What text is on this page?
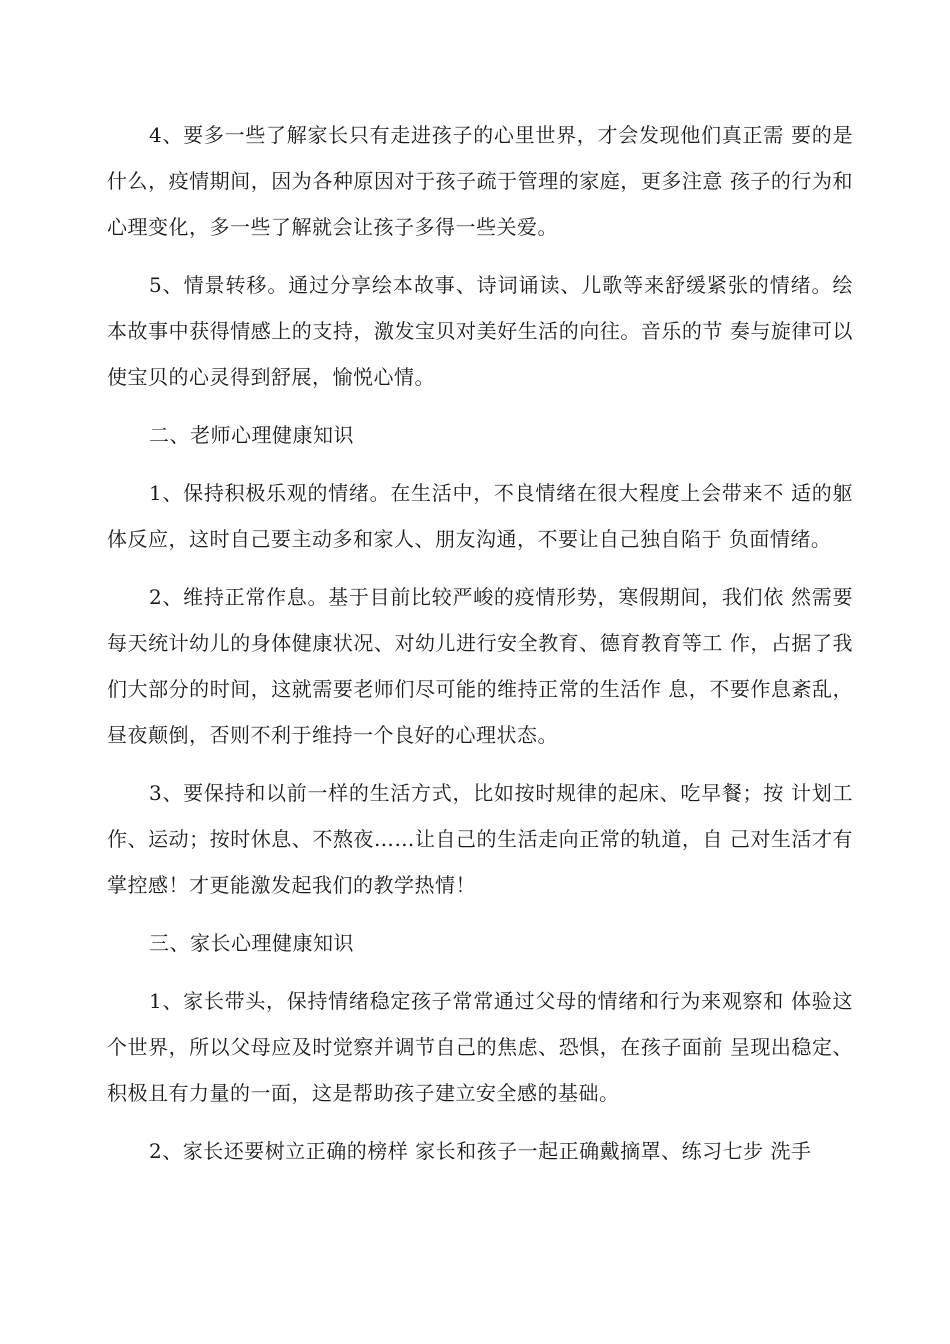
4、要多一些了解家长只有走进孩子的心里世界，才会发现他们真正需 要的是什么，疫情期间，因为各种原因对于孩子疏于管理的家庭，更多注意 孩子的行为和心理变化，多一些了解就会让孩子多得一些关爱。

5、情景转移。通过分享绘本故事、诗词诵读、儿歌等来舒缓紧张的情绪。绘本故事中获得情感上的支持，激发宝贝对美好生活的向往。音乐的节 奏与旋律可以使宝贝的心灵得到舒展，愉悦心情。

二、老师心理健康知识

1、保持积极乐观的情绪。在生活中，不良情绪在很大程度上会带来不 适的躯体反应，这时自己要主动多和家人、朋友沟通，不要让自己独自陷于 负面情绪。

2、维持正常作息。基于目前比较严峻的疫情形势，寒假期间，我们依 然需要每天统计幼儿的身体健康状况、对幼儿进行安全教育、德育教育等工 作，占据了我们大部分的时间，这就需要老师们尽可能的维持正常的生活作 息，不要作息紊乱，昼夜颠倒，否则不利于维持一个良好的心理状态。

3、要保持和以前一样的生活方式，比如按时规律的起床、吃早餐；按 计划工作、运动；按时休息、不熬夜……让自己的生活走向正常的轨道，自 己对生活才有掌控感！才更能激发起我们的教学热情！

三、家长心理健康知识

1、家长带头，保持情绪稳定孩子常常通过父母的情绪和行为来观察和 体验这个世界，所以父母应及时觉察并调节自己的焦虑、恐惧，在孩子面前 呈现出稳定、积极且有力量的一面，这是帮助孩子建立安全感的基础。

2、家长还要树立正确的榜样 家长和孩子一起正确戴摘罩、练习七步 洗手
